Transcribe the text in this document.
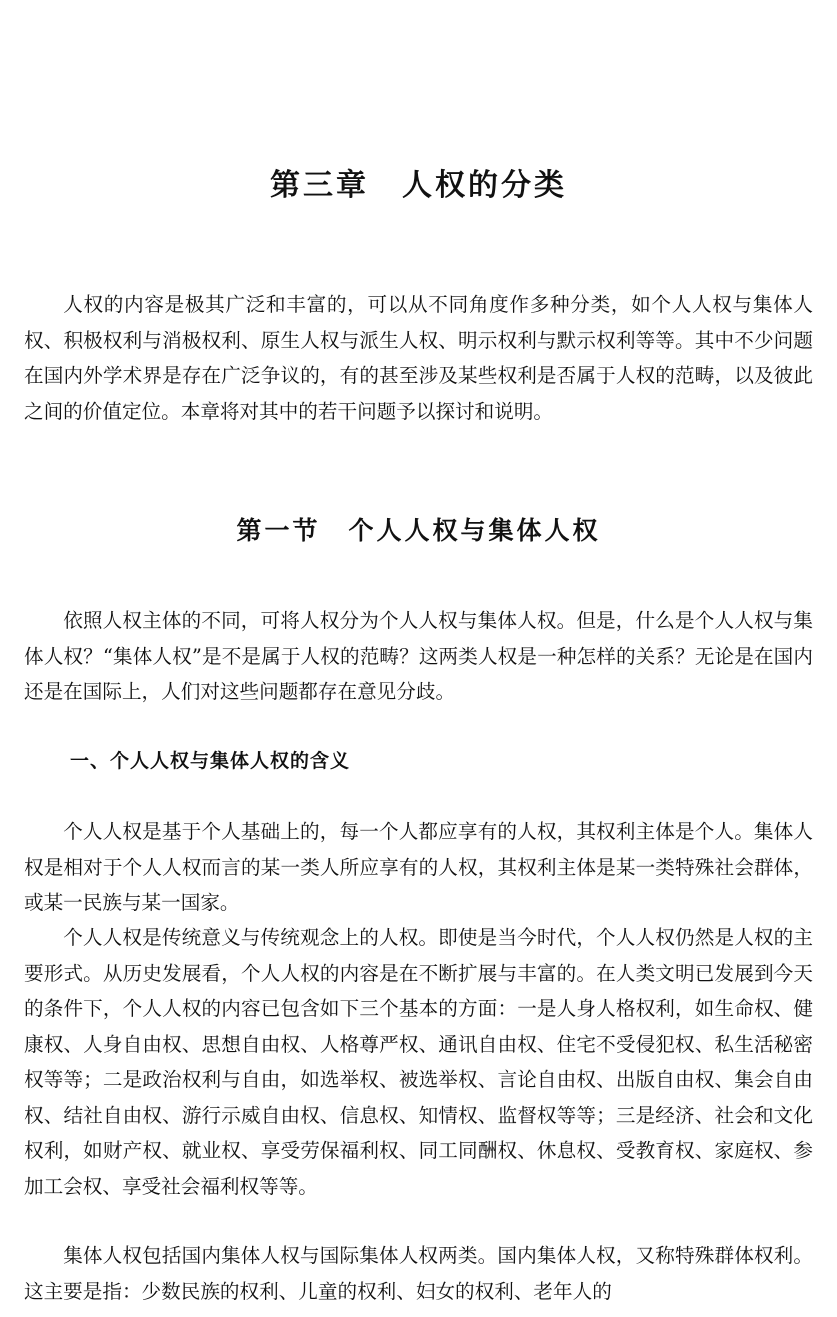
第三章　人权的分类

人权的内容是极其广泛和丰富的，可以从不同角度作多种分类，如个人人权与集体人权、积极权利与消极权利、原生人权与派生人权、明示权利与默示权利等等。其中不少问题在国内外学术界是存在广泛争议的，有的甚至涉及某些权利是否属于人权的范畴，以及彼此之间的价值定位。本章将对其中的若干问题予以探讨和说明。

第一节　个人人权与集体人权

依照人权主体的不同，可将人权分为个人人权与集体人权。但是，什么是个人人权与集体人权？“集体人权”是不是属于人权的范畴？这两类人权是一种怎样的关系？无论是在国内还是在国际上，人们对这些问题都存在意见分歧。

一、个人人权与集体人权的含义

个人人权是基于个人基础上的，每一个人都应享有的人权，其权利主体是个人。集体人权是相对于个人人权而言的某一类人所应享有的人权，其权利主体是某一类特殊社会群体，或某一民族与某一国家。

个人人权是传统意义与传统观念上的人权。即使是当今时代，个人人权仍然是人权的主要形式。从历史发展看，个人人权的内容是在不断扩展与丰富的。在人类文明已发展到今天的条件下，个人人权的内容已包含如下三个基本的方面：一是人身人格权利，如生命权、健康权、人身自由权、思想自由权、人格尊严权、通讯自由权、住宅不受侵犯权、私生活秘密权等等；二是政治权利与自由，如选举权、被选举权、言论自由权、出版自由权、集会自由权、结社自由权、游行示威自由权、信息权、知情权、监督权等等；三是经济、社会和文化权利，如财产权、就业权、享受劳保福利权、同工同酬权、休息权、受教育权、家庭权、参加工会权、享受社会福利权等等。

集体人权包括国内集体人权与国际集体人权两类。国内集体人权，又称特殊群体权利。这主要是指：少数民族的权利、儿童的权利、妇女的权利、老年人的
